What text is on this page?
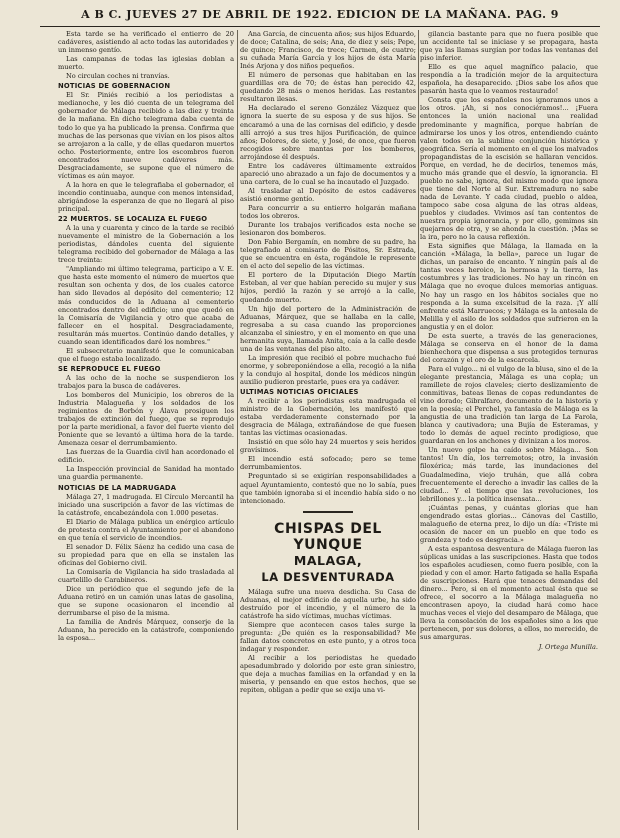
A B C. JUEVES 27 DE ABRIL DE 1922. EDICION DE LA MAÑANA. PAG. 9

Esta tarde se ha verificado el entierro de 20 cadáveres, asistiendo al acto todas las autoridades y un inmenso gentío.

Las campanas de todas las iglesias doblan a muerto.

No circulan coches ni tranvías.

NOTICIAS DE GOBERNACION

El Sr. Piniés recibió a los periodistas a medianoche, y les dió cuenta de un telegrama del gobernador de Málaga recibido a las diez y treinta de la mañana. En dicho telegrama daba cuenta de todo lo que ya ha publicado la prensa. Confirma que muchas de las personas que vivían en los pisos altos se arrojaron a la calle, y de ellas quedaron muertos ocho. Posteriormente, entre los escombros fueron encontrados nueve cadáveres más. Desgraciadamente, se supone que el número de víctimas es aún mayor.

A la hora en que le telegrafiaba el gobernador, el incendio continuaba, aunque con menos intensidad, abrigándose la esperanza de que no llegará al piso principal.

22 MUERTOS. SE LOCALIZA EL FUEGO

A la una y cuarenta y cinco de la tarde se recibió nuevamente el ministro de la Gobernación a los periodistas, dándoles cuenta del siguiente telegrama recibido del gobernador de Málaga a las trece treinta:

"Ampliando mi último telegrama, participo a V. E. que hasta este momento el número de muertos que resultan son ochenta y dos, de los cuales catorce han sido llevados al depósito del cementerio; 12 más conducidos de la Aduana al cementerio encontrados dentro del edificio; uno que quedó en la Comisaría de Vigilancia y otro que acaba de fallecer en el hospital. Desgraciadamente, resultarán más muertos. Continúo dando detalles, y cuando sean identificados daré los nombres."

El subsecretario manifestó que le comunicaban que el fuego estaba localizado.

SE REPRODUCE EL FUEGO

A las ocho de la noche se suspendieron los trabajos para la busca de cadáveres.

Los bomberos del Municipio, los obreros de la Industria Malagueña y los soldados de los regimientos de Borbón y Álava prosiguen los trabajos de extinción del fuego, que se reprodujo por la parte meridional, a favor del fuerte viento del Poniente que se levantó a última hora de la tarde. Amenaza cesar el derrumbamiento.

Las fuerzas de la Guardia civil han acordonado el edificio.

La Inspección provincial de Sanidad ha montado una guardia permanente.

NOTICIAS DE LA MADRUGADA

Málaga 27, 1 madrugada. El Círculo Mercantil ha iniciado una suscripción a favor de las víctimas de la catástrofe, encabezándola con 1.000 pesetas.

El Diario de Málaga publica un enérgico artículo de protesta contra el Ayuntamiento por el abandono en que tenía el servicio de incendios.

El senador D. Félix Sáenz ha cedido una casa de su propiedad para que en ella se instalen las oficinas del Gobierno civil.

La Comisaría de Vigilancia ha sido trasladada al cuartelillo de Carabineros.

Dice un periódico que el segundo jefe de la Aduana retiró en un camión unas latas de gasolina, que se supone ocasionaron el incendio al derrumbarse el piso de la misma.

La familia de Andrés Márquez, conserje de la Aduana, ha perecido en la catástrofe, componiendo la esposa...

Ana García, de cincuenta años; sus hijos Eduardo, de doce; Catalina, de seis; Ana, de diez y seis; Pepe, de quince; Francisco, de trece; Carmen, de cuatro; su cuñada María García y los hijos de ésta María Inés Arjona y dos niños pequeños.

El número de personas que habitaban en las guardillas era de 70; de éstas han perecido 42, quedando 28 más o menos heridas. Las restantes resultaron ilesas.

Ha declarado el sereno González Vázquez que ignora la suerte de su esposa y de sus hijos. Se encaramó a una de las cornisas del edificio, y desde allí arrojó a sus tres hijos Purificación, de quince años; Dolores, de siete, y José, de once, que fueron recogidos sobre mantas por los bomberos, arrojándose él después.

Entre los cadáveres últimamente extraídos apareció uno abrazado a un fajo de documentos y a una cartera, de lo cual se ha incautado el Juzgado.

Al trasladar al Depósito de estos cadáveres asistió enorme gentío.

Para concurrir a su entierro holgarán mañana todos los obreros.

Durante los trabajos verificados esta noche se lesionaron dos bomberos.

Don Fabio Bergamín, en nombre de su padre, ha telegrafiado al comisario de Pósitos, Sr. Estrada, que se encuentra en ésta, rogándole le represente en el acto del sepelio de las víctimas.

El portero de la Diputación Diego Martín Esteban, al ver que habían perecido su mujer y sus hijos, perdió la razón y se arrojó a la calle, quedando muerto.

Un hijo del portero de la Administración de Aduanas, Márquez, que se hallaba en la calle, regresaba a su casa cuando las proporciones alcanzaba el siniestro, y en el momento en que una hermanita suya, llamada Anita, caía a la calle desde una de las ventanas del piso alto.

La impresión que recibió el pobre muchacho fué enorme, y sobreponiéndose a ella, recogió a la niña y la condujo al hospital, donde los médicos ningún auxilio pudieron prestarle, pues era ya cadáver.

ULTIMAS NOTICIAS OFICIALES

A recibir a los periodistas esta madrugada el ministro de la Gobernación, les manifestó que estaba verdaderamente consternado por la desgracia de Málaga, extrañándose de que fuesen tantas las víctimas ocasionadas.

Insistió en que sólo hay 24 muertos y seis heridos gravísimos.

El incendio está sofocado; pero se teme derrumbamientos.

Preguntado si se exigirían responsabilidades a aquel Ayuntamiento, contestó que no lo sabía, pues que también ignoraba si el incendio había sido o no intencionado.

CHISPAS DEL YUNQUE

MALAGA,

LA DESVENTURADA

Málaga sufre una nueva desdicha. Su Casa de Aduanas, el mejor edificio de aquella urbe, ha sido destruído por el incendio, y el número de la catástrofe ha sido víctimas, muchas víctimas.

Siempre que acontecen casos tales surge la pregunta: ¿De quién es la responsabilidad? Me fallan datos concretos en este punto, y a otros toca indagar y responder.

Al recibir a los periodistas he quedado apesadumbrado y dolorido por este gran siniestro, que deja a muchas familias en la orfandad y en la miseria, y pensando en que estos hechos, que se repiten, obligan a pedir que se exija una vi-

gilancia bastante para que no fuera posible que un accidente tal se iniciase y se propagara, hasta que ya las llamas surgían por todas las ventanas del piso inferior.

Ello es que aquel magnífico palacio, que respondía a la tradición mejor de la arquitectura española, ha desaparecido. ¡Dios sabe los años que pasarán hasta que lo veamos restaurado!

Consta que los españoles nos ignoramos unos a los otros. ¡Ah, si nos conociéramos!... ¡Fuera entonces la unión nacional una realidad predominante y magnífica, porque habrían de admirarse los unos y los otros, entendiendo cuánto valen todos en la sublime conjunción histórica y geográfica. Sería el momento en el que los malvados propagandistas de la escisión se hallaran vencidos. Porque, en verdad, he de decirlos, tenemos más, mucho más grande que el desvío, la ignorancia. El pueblo no sabe, ignora, del mismo modo que ignora que tiene del Norte al Sur. Extremadura no sabe nada de Levante. Y cada ciudad, pueblo o aldea, tampoco sabe cosa alguna de las otras aldeas, pueblos y ciudades. Vivimos así tan contentos de nuestra propia ignorancia, y por ello, gemimos sin quejarnos de otra, y se ahonda la cuestión. ¡Mas se la ira, pero no la causa reflexión.

Esta signifies que Málaga, la llamada en la canción «Málaga, la bella», parece un lugar de dichas, un paraíso de encanto. Y ningún país al de tantas veces heroico, la hermosa y la tierra, las costumbres y las tradiciones. No hay un rincón en Málaga que no evoque dulces memorias antiguas. No hay un rasgo en los hábitos sociales que no responda a la suma excelsitud de la raza. ¡Y allí enfrente está Marruecos; y Málaga es la antesala de Melilla y el asilo de los soldados que sufrieron en la angustia y en el dolor.

De esta suerte, a través de las generaciones, Málaga se conserva en el honor de la dama bienhechora que dispensa a sus protegidos ternuras del corazón y el oro de la escarcela.

Para el vulgo... ni el vulgo de la blusa, sino el de la elegante prestancia, Málaga es una copla; un ramillete de rojos claveles; cierto deslizamiento de conmitivas, bateas llenas de copas redundantes de vino dorado; Gibralfaro, documento de la historia y en la poesía; el Perchel, ya fantasía de Málaga es la angustia de una tradición tan larga de La Farola, blanca y cautivadora; una Bujía de Esteramas, y todo lo demás de aquel recinto prodigioso, que guardaran en los anchones y divinizan a los moros.

Un nuevo golpe ha caído sobre Málaga... Son tantos! Un día, los terremotos; otro, la invasión filoxérica; más tarde, las inundaciones del Guadalmedina, viejo truhán, que allá cobra frecuentemente el derecho a invadir las calles de la ciudad... Y el tiempo que las revoluciones, los lebrillones y... la política insensata...

¡Cuántas penas, y cuántas glorias que han engendrado estas glorias... Cánovas del Castillo, malagueño de eterna prez, lo dijo un día: «Triste mi ocasión de nacer en un pueblo en que todo es grandeza y todo es desgracia.»

A esta espantosa desventura de Málaga fueron las súplicas unidas a las suscripciones. Hasta que todos los españoles acudiesen, como fuera posible, con la piedad y con el amor. Harto fatigada se halla España de suscripciones. Hará que tenaces demandas del dinero... Pero, si en el momento actual ésta que se ofrece, el socorro a la Málaga malagueña no encontrasen apoyo, la ciudad hará como hace muchas veces el viejo del desamparo de Málaga, que lleva la consolación de los españoles sino a los que pertenecen, por sus dolores, a ellos, no merecido, de sus amarguras.

J. Ortega Munilla.
